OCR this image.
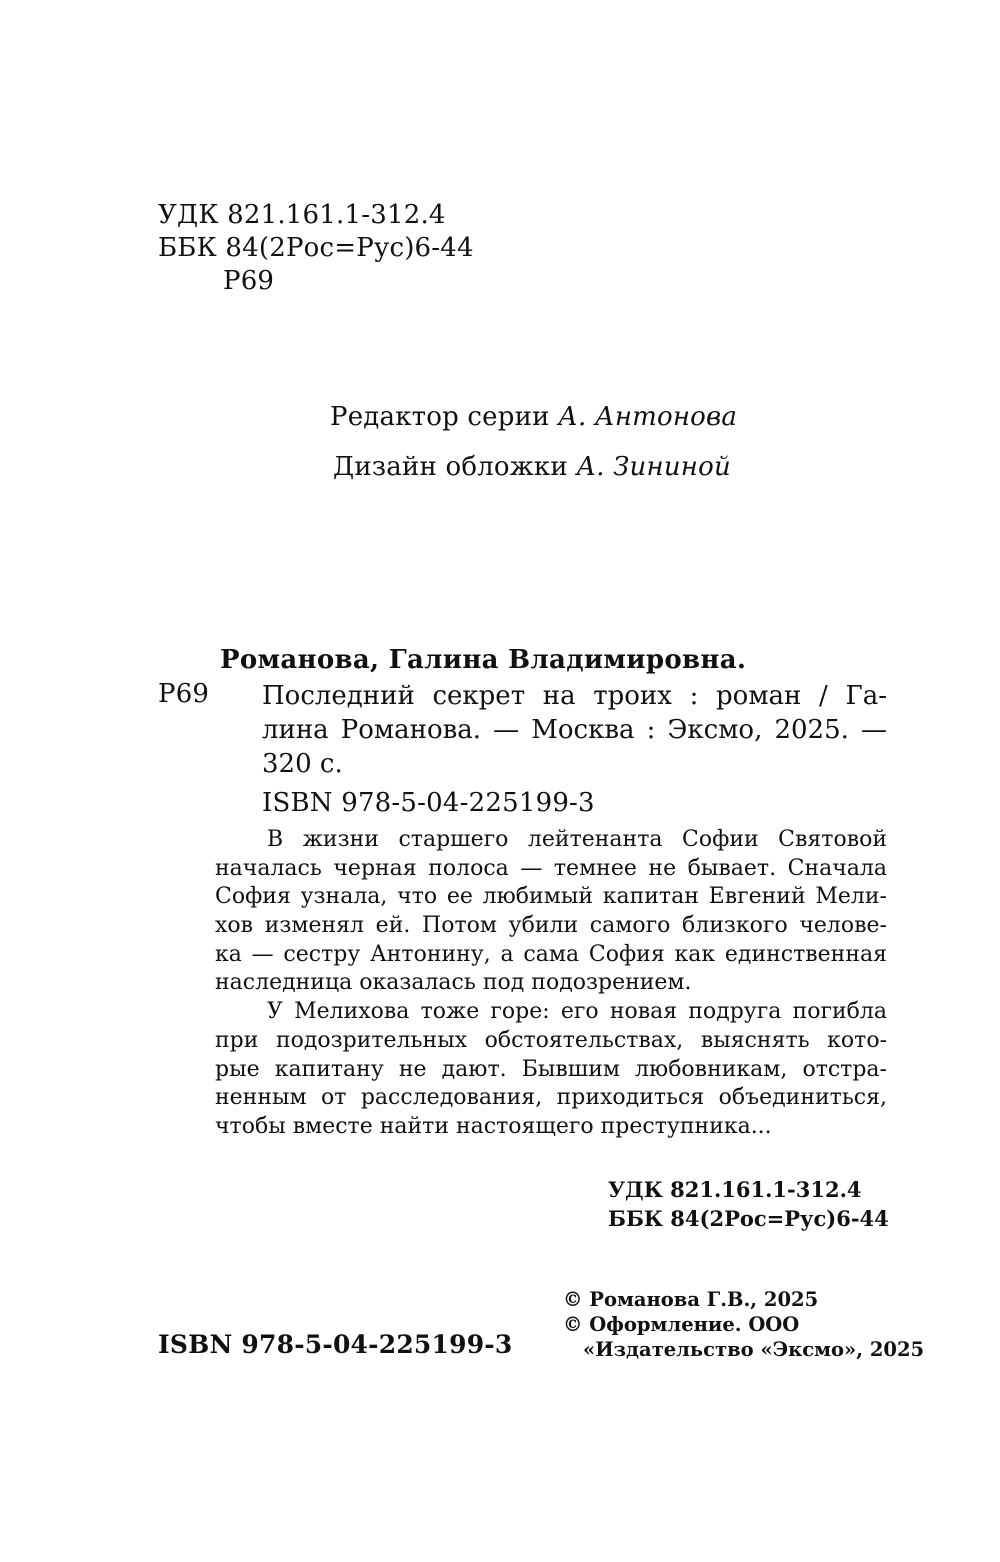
УДК 821.161.1-312.4
ББК 84(2Рос=Рус)6-44
Р69
Редактор серии А. Антонова
Дизайн обложки А. Зининой
Романова, Галина Владимировна.
Р69 Последний секрет на троих : роман / Га-
лина Романова. — Москва : Эксмо, 2025. —
320 с.
ISBN 978-5-04-225199-3
В жизни старшего лейтенанта Софии Святовой
началась черная полоса — темнее не бывает. Сначала
София узнала, что ее любимый капитан Евгений Мели-
хов изменял ей. Потом убили самого близкого челове-
ка — сестру Антонину, а сама София как единственная
наследница оказалась под подозрением.
У Мелихова тоже горе: его новая подруга погибла
при подозрительных обстоятельствах, выяснять кото-
рые капитану не дают. Бывшим любовникам, отстра-
ненным от расследования, приходиться объединиться,
чтобы вместе найти настоящего преступника...
УДК 821.161.1-312.4
ББК 84(2Рос=Рус)6-44
© Романова Г.В., 2025
© Оформление. ООО
«Издательство «Эксмо», 2025
ISBN 978-5-04-225199-3
